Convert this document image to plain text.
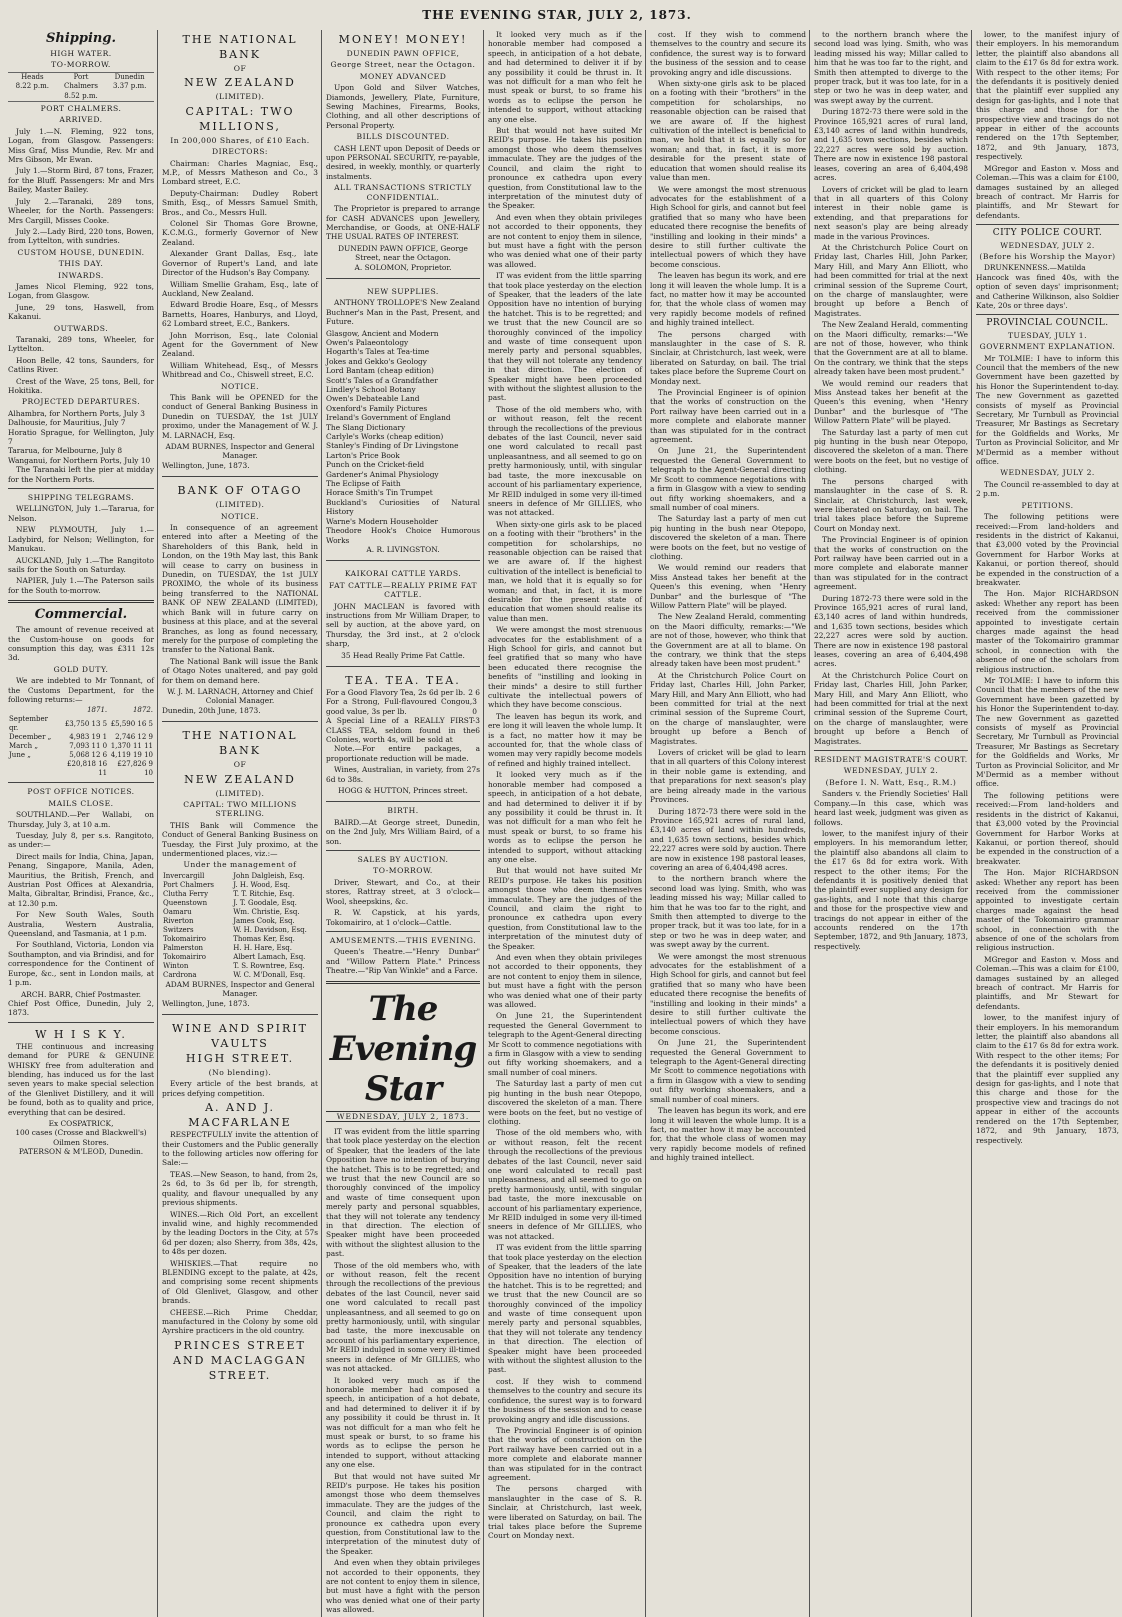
THE EVENING STAR, JULY 2, 1873.
Shipping.
HIGH WATER.
TO-MORROW.
Heads
8.22 p.m.
Port Chalmers
8.52 p.m.
Dunedin
3.37 p.m.
PORT CHALMERS.
ARRIVED.

July 1.—N. Fleming, 922 tons, Logan, from Glasgow. Passengers: Miss Graf, Miss Mundie, Rev. Mr and Mrs Gibson, Mr Ewan.

July 1.—Storm Bird, 87 tons, Frazer, for the Bluff. Passengers: Mr and Mrs Bailey, Master Bailey.

July 2.—Taranaki, 289 tons, Wheeler, for the North. Passengers: Mrs Cargill, Misses Cooke.

July 2.—Lady Bird, 220 tons, Bowen, from Lyttelton, with sundries.

CUSTOM HOUSE, DUNEDIN.
THIS DAY.
INWARDS.

James Nicol Fleming, 922 tons, Logan, from Glasgow.

June, 29 tons, Haswell, from Kakanui.

OUTWARDS.

Taranaki, 289 tons, Wheeler, for Lyttelton.

Hoon Belle, 42 tons, Saunders, for Catlins River.

Crest of the Wave, 25 tons, Bell, for Hokitika.

PROJECTED DEPARTURES.
Alhambra, for Northern Ports, July 3
Dalhousie, for Mauritius, July 7
Horatio Sprague, for Wellington, July 7
Tararua, for Melbourne, July 8
Wanganui, for Northern Ports, July 10

The Taranaki left the pier at midday for the Northern Ports.

SHIPPING TELEGRAMS.

WELLINGTON, July 1.—Tararua, for Nelson.

NEW PLYMOUTH, July 1.—Ladybird, for Nelson; Wellington, for Manukau.

AUCKLAND, July 1.—The Rangitoto sails for the South on Saturday.

NAPIER, July 1.—The Paterson sails for the South to-morrow.

Commercial.

The amount of revenue received at the Custom-house on goods for consumption this day, was £311 12s 3d.

GOLD DUTY.

We are indebted to Mr Tonnant, of the Customs Department, for the following returns:—

	1871.	1872.
September qr.	£3,750 13 5	£5,590 16 5
December „	4,983 19 1	2,746 12 9
March „	7,093 11 0	1,370 11 11
June „	5,068 12 6	4,119 19 10
	£20,818 16 11	£27,826 9 10
POST OFFICE NOTICES.
MAILS CLOSE.

SOUTHLAND.—Per Wallabi, on Thursday, July 3, at 10 a.m.

Tuesday, July 8, per s.s. Rangitoto, as under:—

Direct mails for India, China, Japan, Penang, Singapore, Manila, Aden, Mauritius, the British, French, and Austrian Post Offices at Alexandria, Malta, Gibraltar, Brindisi, France, &c., at 12.30 p.m.

For New South Wales, South Australia, Western Australia, Queensland, and Tasmania, at 1 p.m.

For Southland, Victoria, London via Southampton, and via Brindisi, and for correspondence for the Continent of Europe, &c., sent in London mails, at 1 p.m.

ARCH. BARR, Chief Postmaster.
Chief Post Office, Dunedin, July 2, 1873.
W H I S K Y.

THE continuous and increasing demand for PURE & GENUINE WHISKY free from adulteration and blending, has induced us for the last seven years to make special selection of the Glenlivet Distillery, and it will be found, both as to quality and price, everything that can be desired.

Ex COSPATRICK,
100 cases (Crosse and Blackwell's) Oilmen Stores.
PATERSON & M'LEOD, Dunedin.
THE NATIONAL BANK
OF
NEW ZEALAND
(LIMITED).
CAPITAL: TWO MILLIONS,
In 200,000 Shares, of £10 Each.
DIRECTORS:

Chairman: Charles Magniac, Esq., M.P., of Messrs Matheson and Co., 3 Lombard street, E.C.

Deputy-Chairman: Dudley Robert Smith, Esq., of Messrs Samuel Smith, Bros., and Co., Messrs Hull.

Colonel Sir Thomas Gore Browne, K.C.M.G., formerly Governor of New Zealand.

Alexander Grant Dallas, Esq., late Governor of Rupert's Land, and late Director of the Hudson's Bay Company.

William Smellie Graham, Esq., late of Auckland, New Zealand.

Edward Brodie Hoare, Esq., of Messrs Barnetts, Hoares, Hanburys, and Lloyd, 62 Lombard street, E.C., Bankers.

John Morrison, Esq., late Colonial Agent for the Government of New Zealand.

William Whitehead, Esq., of Messrs Whitbread and Co., Chiswell street, E.C.

NOTICE.

This Bank will be OPENED for the conduct of General Banking Business in Dunedin on TUESDAY, the 1st JULY proximo, under the Management of W. J. M. LARNACH, Esq.

ADAM BURNES, Inspector and General Manager.
Wellington, June, 1873.
BANK OF OTAGO
(LIMITED).
NOTICE.

In consequence of an agreement entered into after a Meeting of the Shareholders of this Bank, held in London, on the 19th May last, this Bank will cease to carry on business in Dunedin, on TUESDAY, the 1st JULY PROXIMO, the whole of its business being transferred to the NATIONAL BANK OF NEW ZEALAND (LIMITED), which Bank will in future carry on business at this place, and at the several Branches, as long as found necessary, merely for the purpose of completing the transfer to the National Bank.

The National Bank will issue the Bank of Otago Notes unaltered, and pay gold for them on demand here.

W. J. M. LARNACH, Attorney and Chief Colonial Manager.
Dunedin, 20th June, 1873.
THE NATIONAL BANK
OF
NEW ZEALAND
(LIMITED).
CAPITAL: TWO MILLIONS STERLING.

THIS Bank will Commence the Conduct of General Banking Business on Tuesday, the First July proximo, at the undermentioned places, viz.:—

Under the management of
Invercargill	John Dalgleish, Esq.
Port Chalmers	J. H. Wood, Esq.
Clutha Ferry	T. T. Ritchie, Esq.
Queenstown	J. T. Goodale, Esq.
Oamaru	Wm. Christie, Esq.
Riverton	James Cook, Esq.
Switzers	W. H. Davidson, Esq.
Tokomairiro	Thomas Ker, Esq.
Palmerston	H. H. Hare, Esq.
Tokomairiro	Albert Lamach, Esq.
Winton	T. S. Rowntree, Esq.
Cardrona	W. C. M'Donall, Esq.
ADAM BURNES, Inspector and General Manager.
Wellington, June, 1873.
WINE AND SPIRIT VAULTS
HIGH STREET.
(No blending).

Every article of the best brands, at prices defying competition.

A. AND J. MACFARLANE

RESPECTFULLY invite the attention of their Customers and the Public generally to the following articles now offering for Sale:—

TEAS.—New Season, to hand, from 2s, 2s 6d, to 3s 6d per lb, for strength, quality, and flavour unequalled by any previous shipments.

WINES.—Rich Old Port, an excellent invalid wine, and highly recommended by the leading Doctors in the City, at 57s 6d per dozen; also Sherry, from 38s, 42s, to 48s per dozen.

WHISKIES.—That require no BLENDING except to the palate, at 42s, and comprising some recent shipments of Old Glenlivet, Glasgow, and other brands.

CHEESE.—Rich Prime Cheddar, manufactured in the Colony by some old Ayrshire practicers in the old country.

PRINCES STREET AND MACLAGGAN STREET.
MONEY! MONEY!
DUNEDIN PAWN OFFICE,
George Street, near the Octagon.
MONEY ADVANCED

Upon Gold and Silver Watches, Diamonds, Jewellery, Plate, Furniture, Sewing Machines, Firearms, Books, Clothing, and all other descriptions of Personal Property.

BILLS DISCOUNTED.

CASH LENT upon Deposit of Deeds or upon PERSONAL SECURITY, re-payable, desired, in weekly, monthly, or quarterly instalments.

ALL TRANSACTIONS STRICTLY CONFIDENTIAL.

The Proprietor is prepared to arrange for CASH ADVANCES upon Jewellery, Merchandise, or Goods, at ONE-HALF THE USUAL RATES OF INTEREST.

DUNEDIN PAWN OFFICE, George Street, near the Octagon.
A. SOLOMON, Proprietor.
NEW SUPPLIES.

ANTHONY TROLLOPE'S New Zealand Buchner's Man in the Past, Present, and Future.

Glasgow, Ancient and Modern
Owen's Palaeontology
Hogarth's Tales at Tea-time
Jokes and Gekko's Geology
Lord Bantam (cheap edition)
Scott's Tales of a Grandfather
Lindley's School Botany
Owen's Debateable Land
Oxenford's Family Pictures
Ireland's Government of England
The Slang Dictionary
Carlyle's Works (cheap edition)
Stanley's Finding of Dr Livingstone
Larton's Price Book
Punch on the Cricket-field
Gardener's Animal Physiology
The Eclipse of Faith
Horace Smith's Tin Trumpet
Buckland's Curiosities of Natural History
Warne's Modern Householder
Theodore Hook's Choice Humorous Works
A. R. LIVINGSTON.
KAIKORAI CATTLE YARDS.
FAT CATTLE—REALLY PRIME FAT CATTLE.

JOHN MACLEAN is favored with instructions from Mr William Draper, to sell by auction, at the above yard, on Thursday, the 3rd inst., at 2 o'clock sharp,

35 Head Really Prime Fat Cattle.
TEA. TEA. TEA.
For a Good Flavory Tea, 2s 6d per lb. 2 6
For a Strong, Full-flavoured Congou, good value, 3s per lb.
3 0
A Special Line of a REALLY FIRST-CLASS TEA, seldom found in the Colonies, worth 4s, will be sold at
3 6

Note.—For entire packages, a proportionate reduction will be made.

Wines, Australian, in variety, from 27s 6d to 38s.

HOGG & HUTTON, Princes street.
BIRTH.

BAIRD.—At George street, Dunedin, on the 2nd July, Mrs William Baird, of a son.

SALES BY AUCTION.
TO-MORROW.

Driver, Stewart, and Co., at their stores, Rattray street, at 3 o'clock—Wool, sheepskins, &c.

R. W. Capstick, at his yards, Tokomairiro, at 1 o'clock—Cattle.

AMUSEMENTS.—THIS EVENING.

Queen's Theatre.—"Henry Dunbar" and "Willow Pattern Plate." Princess Theatre.—"Rip Van Winkle" and a Farce.

The Evening Star
WEDNESDAY, JULY 2, 1873.

IT was evident from the little sparring that took place yesterday on the election of Speaker, that the leaders of the late Opposition have no intention of burying the hatchet. This is to be regretted; and we trust that the new Council are so thoroughly convinced of the impolicy and waste of time consequent upon merely party and personal squabbles, that they will not tolerate any tendency in that direction. The election of Speaker might have been proceeded with without the slightest allusion to the past.

Those of the old members who, with or without reason, felt the recent through the recollections of the previous debates of the last Council, never said one word calculated to recall past unpleasantness, and all seemed to go on pretty harmoniously, until, with singular bad taste, the more inexcusable on account of his parliamentary experience, Mr REID indulged in some very ill-timed sneers in defence of Mr GILLIES, who was not attacked.

It looked very much as if the honorable member had composed a speech, in anticipation of a hot debate, and had determined to deliver it if by any possibility it could be thrust in. It was not difficult for a man who felt he must speak or burst, to so frame his words as to eclipse the person he intended to support, without attacking any one else.

But that would not have suited Mr REID's purpose. He takes his position amongst those who deem themselves immaculate. They are the judges of the Council, and claim the right to pronounce ex cathedra upon every question, from Constitutional law to the interpretation of the minutest duty of the Speaker.

And even when they obtain privileges not accorded to their opponents, they are not content to enjoy them in silence, but must have a fight with the person who was denied what one of their party was allowed.

It looked very much as if the honorable member had composed a speech, in anticipation of a hot debate, and had determined to deliver it if by any possibility it could be thrust in. It was not difficult for a man who felt he must speak or burst, to so frame his words as to eclipse the person he intended to support, without attacking any one else.

But that would not have suited Mr REID's purpose. He takes his position amongst those who deem themselves immaculate. They are the judges of the Council, and claim the right to pronounce ex cathedra upon every question, from Constitutional law to the interpretation of the minutest duty of the Speaker.

And even when they obtain privileges not accorded to their opponents, they are not content to enjoy them in silence, but must have a fight with the person who was denied what one of their party was allowed.

IT was evident from the little sparring that took place yesterday on the election of Speaker, that the leaders of the late Opposition have no intention of burying the hatchet. This is to be regretted; and we trust that the new Council are so thoroughly convinced of the impolicy and waste of time consequent upon merely party and personal squabbles, that they will not tolerate any tendency in that direction. The election of Speaker might have been proceeded with without the slightest allusion to the past.

Those of the old members who, with or without reason, felt the recent through the recollections of the previous debates of the last Council, never said one word calculated to recall past unpleasantness, and all seemed to go on pretty harmoniously, until, with singular bad taste, the more inexcusable on account of his parliamentary experience, Mr REID indulged in some very ill-timed sneers in defence of Mr GILLIES, who was not attacked.

When sixty-one girls ask to be placed on a footing with their "brothers" in the competition for scholarships, no reasonable objection can be raised that we are aware of. If the highest cultivation of the intellect is beneficial to man, we hold that it is equally so for woman; and that, in fact, it is more desirable for the present state of education that women should realise its value than men.

We were amongst the most strenuous advocates for the establishment of a High School for girls, and cannot but feel gratified that so many who have been educated there recognise the benefits of "instilling and looking in their minds" a desire to still further cultivate the intellectual powers of which they have become conscious.

The leaven has begun its work, and ere long it will leaven the whole lump. It is a fact, no matter how it may be accounted for, that the whole class of women may very rapidly become models of refined and highly trained intellect.

It looked very much as if the honorable member had composed a speech, in anticipation of a hot debate, and had determined to deliver it if by any possibility it could be thrust in. It was not difficult for a man who felt he must speak or burst, to so frame his words as to eclipse the person he intended to support, without attacking any one else.

But that would not have suited Mr REID's purpose. He takes his position amongst those who deem themselves immaculate. They are the judges of the Council, and claim the right to pronounce ex cathedra upon every question, from Constitutional law to the interpretation of the minutest duty of the Speaker.

And even when they obtain privileges not accorded to their opponents, they are not content to enjoy them in silence, but must have a fight with the person who was denied what one of their party was allowed.

On June 21, the Superintendent requested the General Government to telegraph to the Agent-General directing Mr Scott to commence negotiations with a firm in Glasgow with a view to sending out fifty working shoemakers, and a small number of coal miners.

The Saturday last a party of men cut pig hunting in the bush near Otepopo, discovered the skeleton of a man. There were boots on the feet, but no vestige of clothing.

Those of the old members who, with or without reason, felt the recent through the recollections of the previous debates of the last Council, never said one word calculated to recall past unpleasantness, and all seemed to go on pretty harmoniously, until, with singular bad taste, the more inexcusable on account of his parliamentary experience, Mr REID indulged in some very ill-timed sneers in defence of Mr GILLIES, who was not attacked.

IT was evident from the little sparring that took place yesterday on the election of Speaker, that the leaders of the late Opposition have no intention of burying the hatchet. This is to be regretted; and we trust that the new Council are so thoroughly convinced of the impolicy and waste of time consequent upon merely party and personal squabbles, that they will not tolerate any tendency in that direction. The election of Speaker might have been proceeded with without the slightest allusion to the past.

cost. If they wish to commend themselves to the country and secure its confidence, the surest way is to forward the business of the session and to cease provoking angry and idle discussions.

The Provincial Engineer is of opinion that the works of construction on the Port railway have been carried out in a more complete and elaborate manner than was stipulated for in the contract agreement.

The persons charged with manslaughter in the case of S. R. Sinclair, at Christchurch, last week, were liberated on Saturday, on bail. The trial takes place before the Supreme Court on Monday next.

cost. If they wish to commend themselves to the country and secure its confidence, the surest way is to forward the business of the session and to cease provoking angry and idle discussions.

When sixty-one girls ask to be placed on a footing with their "brothers" in the competition for scholarships, no reasonable objection can be raised that we are aware of. If the highest cultivation of the intellect is beneficial to man, we hold that it is equally so for woman; and that, in fact, it is more desirable for the present state of education that women should realise its value than men.

We were amongst the most strenuous advocates for the establishment of a High School for girls, and cannot but feel gratified that so many who have been educated there recognise the benefits of "instilling and looking in their minds" a desire to still further cultivate the intellectual powers of which they have become conscious.

The leaven has begun its work, and ere long it will leaven the whole lump. It is a fact, no matter how it may be accounted for, that the whole class of women may very rapidly become models of refined and highly trained intellect.

The persons charged with manslaughter in the case of S. R. Sinclair, at Christchurch, last week, were liberated on Saturday, on bail. The trial takes place before the Supreme Court on Monday next.

The Provincial Engineer is of opinion that the works of construction on the Port railway have been carried out in a more complete and elaborate manner than was stipulated for in the contract agreement.

On June 21, the Superintendent requested the General Government to telegraph to the Agent-General directing Mr Scott to commence negotiations with a firm in Glasgow with a view to sending out fifty working shoemakers, and a small number of coal miners.

The Saturday last a party of men cut pig hunting in the bush near Otepopo, discovered the skeleton of a man. There were boots on the feet, but no vestige of clothing.

We would remind our readers that Miss Anstead takes her benefit at the Queen's this evening, when "Henry Dunbar" and the burlesque of "The Willow Pattern Plate" will be played.

The New Zealand Herald, commenting on the Maori difficulty, remarks:—"We are not of those, however, who think that the Government are at all to blame. On the contrary, we think that the steps already taken have been most prudent."

At the Christchurch Police Court on Friday last, Charles Hill, John Parker, Mary Hill, and Mary Ann Elliott, who had been committed for trial at the next criminal session of the Supreme Court, on the charge of manslaughter, were brought up before a Bench of Magistrates.

Lovers of cricket will be glad to learn that in all quarters of this Colony interest in their noble game is extending, and that preparations for next season's play are being already made in the various Provinces.

During 1872-73 there were sold in the Province 165,921 acres of rural land, £3,140 acres of land within hundreds, and 1,635 town sections, besides which 22,227 acres were sold by auction. There are now in existence 198 pastoral leases, covering an area of 6,404,498 acres.

to the northern branch where the second load was lying. Smith, who was leading missed his way; Millar called to him that he was too far to the right, and Smith then attempted to diverge to the proper track, but it was too late, for in a step or two he was in deep water, and was swept away by the current.

We were amongst the most strenuous advocates for the establishment of a High School for girls, and cannot but feel gratified that so many who have been educated there recognise the benefits of "instilling and looking in their minds" a desire to still further cultivate the intellectual powers of which they have become conscious.

On June 21, the Superintendent requested the General Government to telegraph to the Agent-General directing Mr Scott to commence negotiations with a firm in Glasgow with a view to sending out fifty working shoemakers, and a small number of coal miners.

The leaven has begun its work, and ere long it will leaven the whole lump. It is a fact, no matter how it may be accounted for, that the whole class of women may very rapidly become models of refined and highly trained intellect.

to the northern branch where the second load was lying. Smith, who was leading missed his way; Millar called to him that he was too far to the right, and Smith then attempted to diverge to the proper track, but it was too late, for in a step or two he was in deep water, and was swept away by the current.

During 1872-73 there were sold in the Province 165,921 acres of rural land, £3,140 acres of land within hundreds, and 1,635 town sections, besides which 22,227 acres were sold by auction. There are now in existence 198 pastoral leases, covering an area of 6,404,498 acres.

Lovers of cricket will be glad to learn that in all quarters of this Colony interest in their noble game is extending, and that preparations for next season's play are being already made in the various Provinces.

At the Christchurch Police Court on Friday last, Charles Hill, John Parker, Mary Hill, and Mary Ann Elliott, who had been committed for trial at the next criminal session of the Supreme Court, on the charge of manslaughter, were brought up before a Bench of Magistrates.

The New Zealand Herald, commenting on the Maori difficulty, remarks:—"We are not of those, however, who think that the Government are at all to blame. On the contrary, we think that the steps already taken have been most prudent."

We would remind our readers that Miss Anstead takes her benefit at the Queen's this evening, when "Henry Dunbar" and the burlesque of "The Willow Pattern Plate" will be played.

The Saturday last a party of men cut pig hunting in the bush near Otepopo, discovered the skeleton of a man. There were boots on the feet, but no vestige of clothing.

The persons charged with manslaughter in the case of S. R. Sinclair, at Christchurch, last week, were liberated on Saturday, on bail. The trial takes place before the Supreme Court on Monday next.

The Provincial Engineer is of opinion that the works of construction on the Port railway have been carried out in a more complete and elaborate manner than was stipulated for in the contract agreement.

During 1872-73 there were sold in the Province 165,921 acres of rural land, £3,140 acres of land within hundreds, and 1,635 town sections, besides which 22,227 acres were sold by auction. There are now in existence 198 pastoral leases, covering an area of 6,404,498 acres.

At the Christchurch Police Court on Friday last, Charles Hill, John Parker, Mary Hill, and Mary Ann Elliott, who had been committed for trial at the next criminal session of the Supreme Court, on the charge of manslaughter, were brought up before a Bench of Magistrates.

RESIDENT MAGISTRATE'S COURT.
WEDNESDAY, JULY 2.
(Before I. N. Watt, Esq., R.M.)

Sanders v. the Friendly Societies' Hall Company.—In this case, which was heard last week, judgment was given as follows.

lower, to the manifest injury of their employers. In his memorandum letter, the plaintiff also abandons all claim to the £17 6s 8d for extra work. With respect to the other items; For the defendants it is positively denied that the plaintiff ever supplied any design for gas-lights, and I note that this charge and those for the prospective view and tracings do not appear in either of the accounts rendered on the 17th September, 1872, and 9th January, 1873, respectively.

lower, to the manifest injury of their employers. In his memorandum letter, the plaintiff also abandons all claim to the £17 6s 8d for extra work. With respect to the other items; For the defendants it is positively denied that the plaintiff ever supplied any design for gas-lights, and I note that this charge and those for the prospective view and tracings do not appear in either of the accounts rendered on the 17th September, 1872, and 9th January, 1873, respectively.

MGregor and Easton v. Moss and Coleman.—This was a claim for £100, damages sustained by an alleged breach of contract. Mr Harris for plaintiffs, and Mr Stewart for defendants.

CITY POLICE COURT.
WEDNESDAY, JULY 2.
(Before his Worship the Mayor)

DRUNKENNESS.—Matilda Hancock was fined 40s, with the option of seven days' imprisonment; and Catherine Wilkinson, also Soldier Kate, 20s or three days'.

PROVINCIAL COUNCIL.
TUESDAY, JULY 1.
GOVERNMENT EXPLANATION.

Mr TOLMIE: I have to inform this Council that the members of the new Government have been gazetted by his Honor the Superintendent to-day. The new Government as gazetted consists of myself as Provincial Secretary, Mr Turnbull as Provincial Treasurer, Mr Bastings as Secretary for the Goldfields and Works, Mr Turton as Provincial Solicitor, and Mr M'Dermid as a member without office.

WEDNESDAY, JULY 2.

The Council re-assembled to day at 2 p.m.

PETITIONS.

The following petitions were received:—From land-holders and residents in the district of Kakanui, that £3,000 voted by the Provincial Government for Harbor Works at Kakanui, or portion thereof, should be expended in the construction of a breakwater.

The Hon. Major RICHARDSON asked: Whether any report has been received from the commissioner appointed to investigate certain charges made against the head master of the Tokomairiro grammar school, in connection with the absence of one of the scholars from religious instruction.

Mr TOLMIE: I have to inform this Council that the members of the new Government have been gazetted by his Honor the Superintendent to-day. The new Government as gazetted consists of myself as Provincial Secretary, Mr Turnbull as Provincial Treasurer, Mr Bastings as Secretary for the Goldfields and Works, Mr Turton as Provincial Solicitor, and Mr M'Dermid as a member without office.

The following petitions were received:—From land-holders and residents in the district of Kakanui, that £3,000 voted by the Provincial Government for Harbor Works at Kakanui, or portion thereof, should be expended in the construction of a breakwater.

The Hon. Major RICHARDSON asked: Whether any report has been received from the commissioner appointed to investigate certain charges made against the head master of the Tokomairiro grammar school, in connection with the absence of one of the scholars from religious instruction.

MGregor and Easton v. Moss and Coleman.—This was a claim for £100, damages sustained by an alleged breach of contract. Mr Harris for plaintiffs, and Mr Stewart for defendants.

lower, to the manifest injury of their employers. In his memorandum letter, the plaintiff also abandons all claim to the £17 6s 8d for extra work. With respect to the other items; For the defendants it is positively denied that the plaintiff ever supplied any design for gas-lights, and I note that this charge and those for the prospective view and tracings do not appear in either of the accounts rendered on the 17th September, 1872, and 9th January, 1873, respectively.
